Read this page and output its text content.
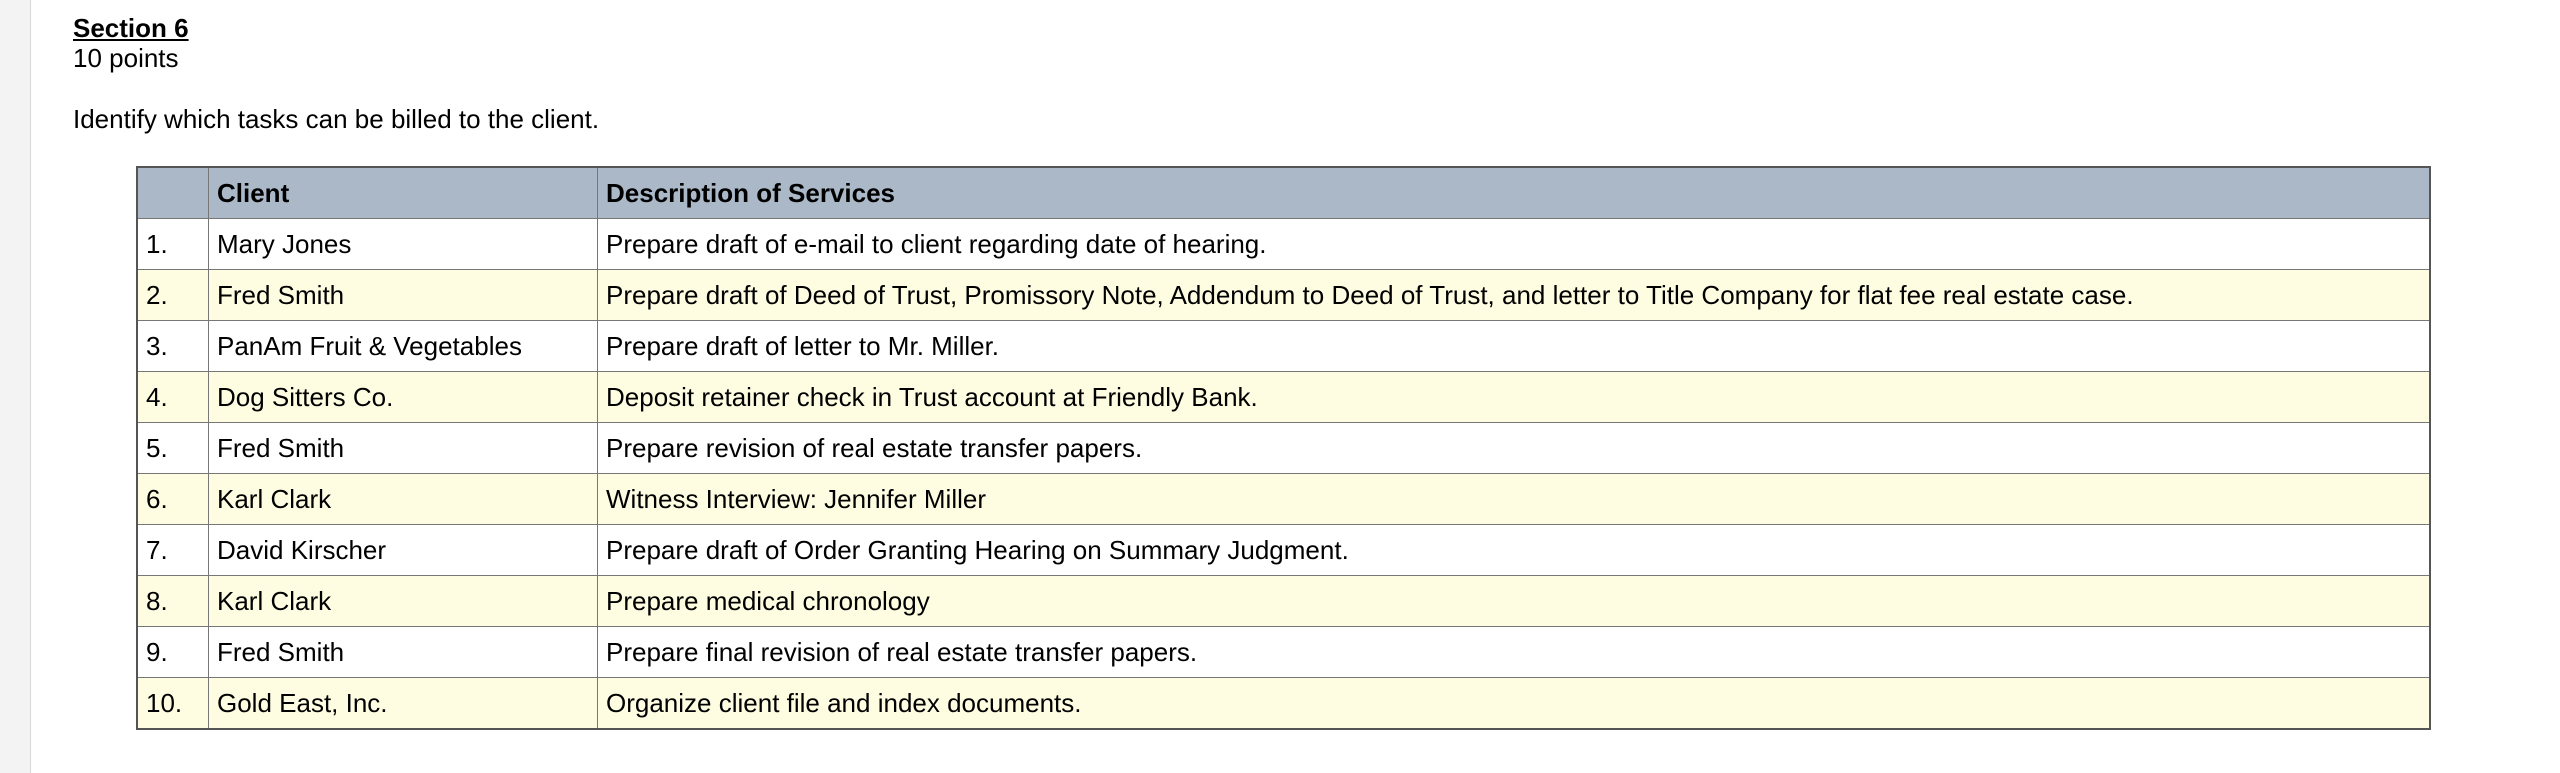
Section 6
10 points
Identify which tasks can be billed to the client.
	Client	Description of Services
1.	Mary Jones	Prepare draft of e-mail to client regarding date of hearing.
2.	Fred Smith	Prepare draft of Deed of Trust, Promissory Note, Addendum to Deed of Trust, and letter to Title Company for flat fee real estate case.
3.	PanAm Fruit & Vegetables	Prepare draft of letter to Mr. Miller.
4.	Dog Sitters Co.	Deposit retainer check in Trust account at Friendly Bank.
5.	Fred Smith	Prepare revision of real estate transfer papers.
6.	Karl Clark	Witness Interview: Jennifer Miller
7.	David Kirscher	Prepare draft of Order Granting Hearing on Summary Judgment.
8.	Karl Clark	Prepare medical chronology
9.	Fred Smith	Prepare final revision of real estate transfer papers.
10.	Gold East, Inc.	Organize client file and index documents.
